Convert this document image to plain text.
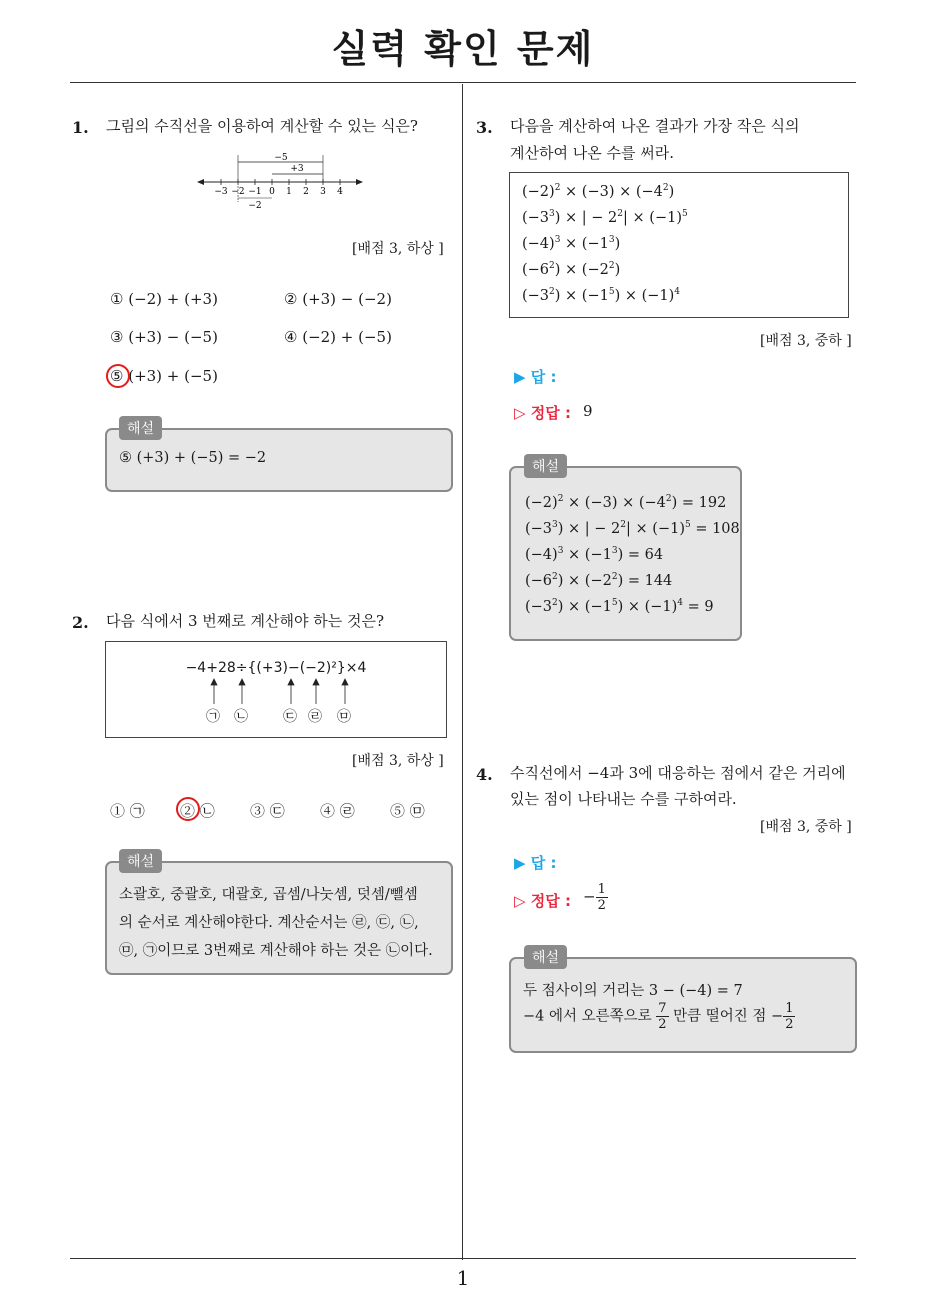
실력 확인 문제
1
1. 그림의 수직선을 이용하여 계산할 수 있는 식은?
−5
+3
−3 −2 −1 0 1 2 3 4
−2
[배점 3, 하상 ]
① (−2) + (+3)	② (+3) − (−2)
③ (+3) − (−5)	④ (−2) + (−5)
⑤ (+3) + (−5)
⑤ (+3) + (−5) = −2
해설
2. 다음 식에서 3 번째로 계산해야 하는 것은?
−4+28÷{(+3)−(−2)²}×4
㉠ ㉡	㉢ ㉣ ㉤
[배점 3, 하상 ]
① ㉠ ② ㉡ ③ ㉢ ④ ㉣ ⑤ ㉤
소괄호, 중괄호, 대괄호, 곱셈/나눗셈, 덧셈/뺄셈
의 순서로 계산해야한다. 계산순서는 ㉣, ㉢, ㉡,
㉤, ㉠이므로 3번째로 계산해야 하는 것은 ㉡이다.
해설
3. 다음을 계산하여 나온 결과가 가장 작은 식의
계산하여 나온 수를 써라.
$(-2)^2 \times (-3) \times (-4^2)$
$(-3^3)$ × | − $2^2| \times (-1)^5$
$(-4)^3 \times (-1^3)$
$(-6^2) \times (-2^2)$
$(-3^2) \times (-1^5) \times (-1)^4$
[배점 3, 중하 ]
▶ 답 :
▷ 정답 : 9
$(-2)^2 \times (-3) \times (-4^2) = 192$
$(-3^3)$ × | − $2^2| \times (-1)^5 = 108$
$(-4)^3 \times (-1^3) = 64$
$(-6^2) \times (-2^2) = 144$
$(-3^2) \times (-1^5) \times (-1)^4 = 9$
해설
4. 수직선에서 −4과 3에 대응하는 점에서 같은 거리에
있는 점이 나타내는 수를 구하여라.
[배점 3, 중하 ]
▶ 답 :
▷ 정답 : − $\frac{1}{2}$
두 점사이의 거리는 3 − (−4) = 7
−4 에서 오른쪽으로 $\frac{7}{2}$ 만큼 떨어진 점 − $\frac{1}{2}$
해설
